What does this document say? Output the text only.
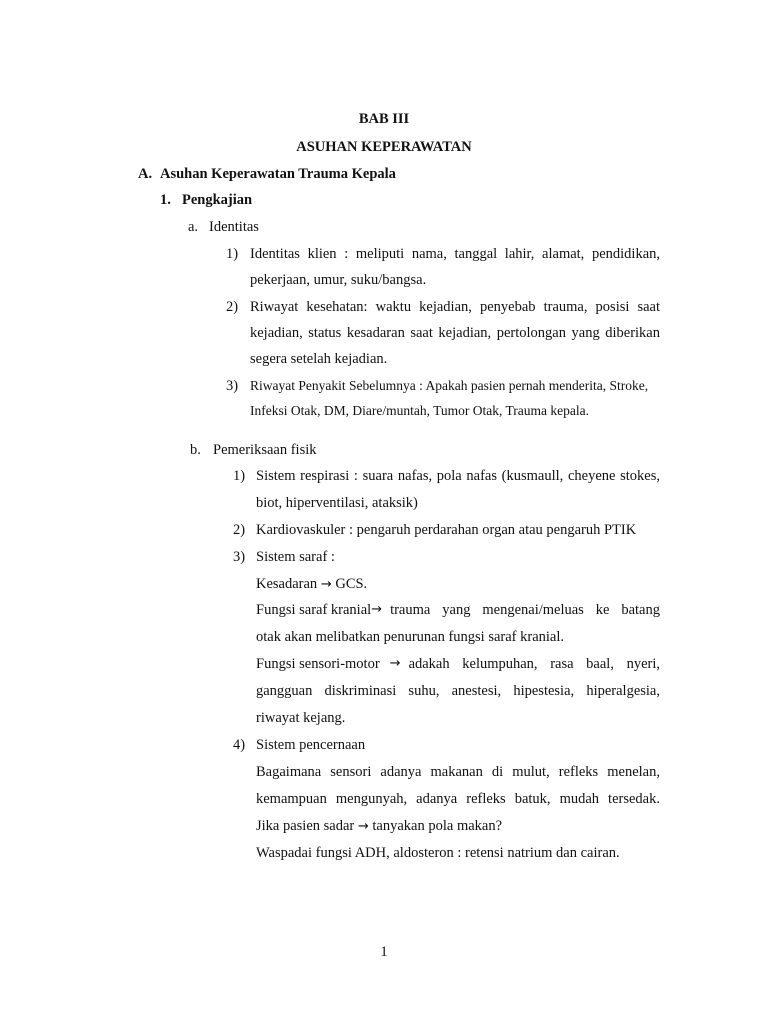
BAB III
ASUHAN KEPERAWATAN
A. Asuhan Keperawatan Trauma Kepala
1. Pengkajian
a. Identitas
1) Identitas klien : meliputi nama, tanggal lahir, alamat, pendidikan,
pekerjaan, umur, suku/bangsa.
2) Riwayat kesehatan: waktu kejadian, penyebab trauma, posisi saat
kejadian, status kesadaran saat kejadian, pertolongan yang diberikan
segera setelah kejadian.
3) Riwayat Penyakit Sebelumnya : Apakah pasien pernah menderita, Stroke,
Infeksi Otak, DM, Diare/muntah, Tumor Otak, Trauma kepala.
b. Pemeriksaan fisik
1) Sistem respirasi : suara nafas, pola nafas (kusmaull, cheyene stokes,
biot, hiperventilasi, ataksik)
2) Kardiovaskuler : pengaruh perdarahan organ atau pengaruh PTIK
3) Sistem saraf :
Kesadaran → GCS.
Fungsi saraf kranial → trauma yang mengenai/meluas ke batang
otak akan melibatkan penurunan fungsi saraf kranial.
Fungsi sensori-motor → adakah kelumpuhan, rasa baal, nyeri,
gangguan diskriminasi suhu, anestesi, hipestesia, hiperalgesia,
riwayat kejang.
4) Sistem pencernaan
Bagaimana sensori adanya makanan di mulut, refleks menelan,
kemampuan mengunyah, adanya refleks batuk, mudah tersedak.
Jika pasien sadar → tanyakan pola makan?
Waspadai fungsi ADH, aldosteron : retensi natrium dan cairan.
1
